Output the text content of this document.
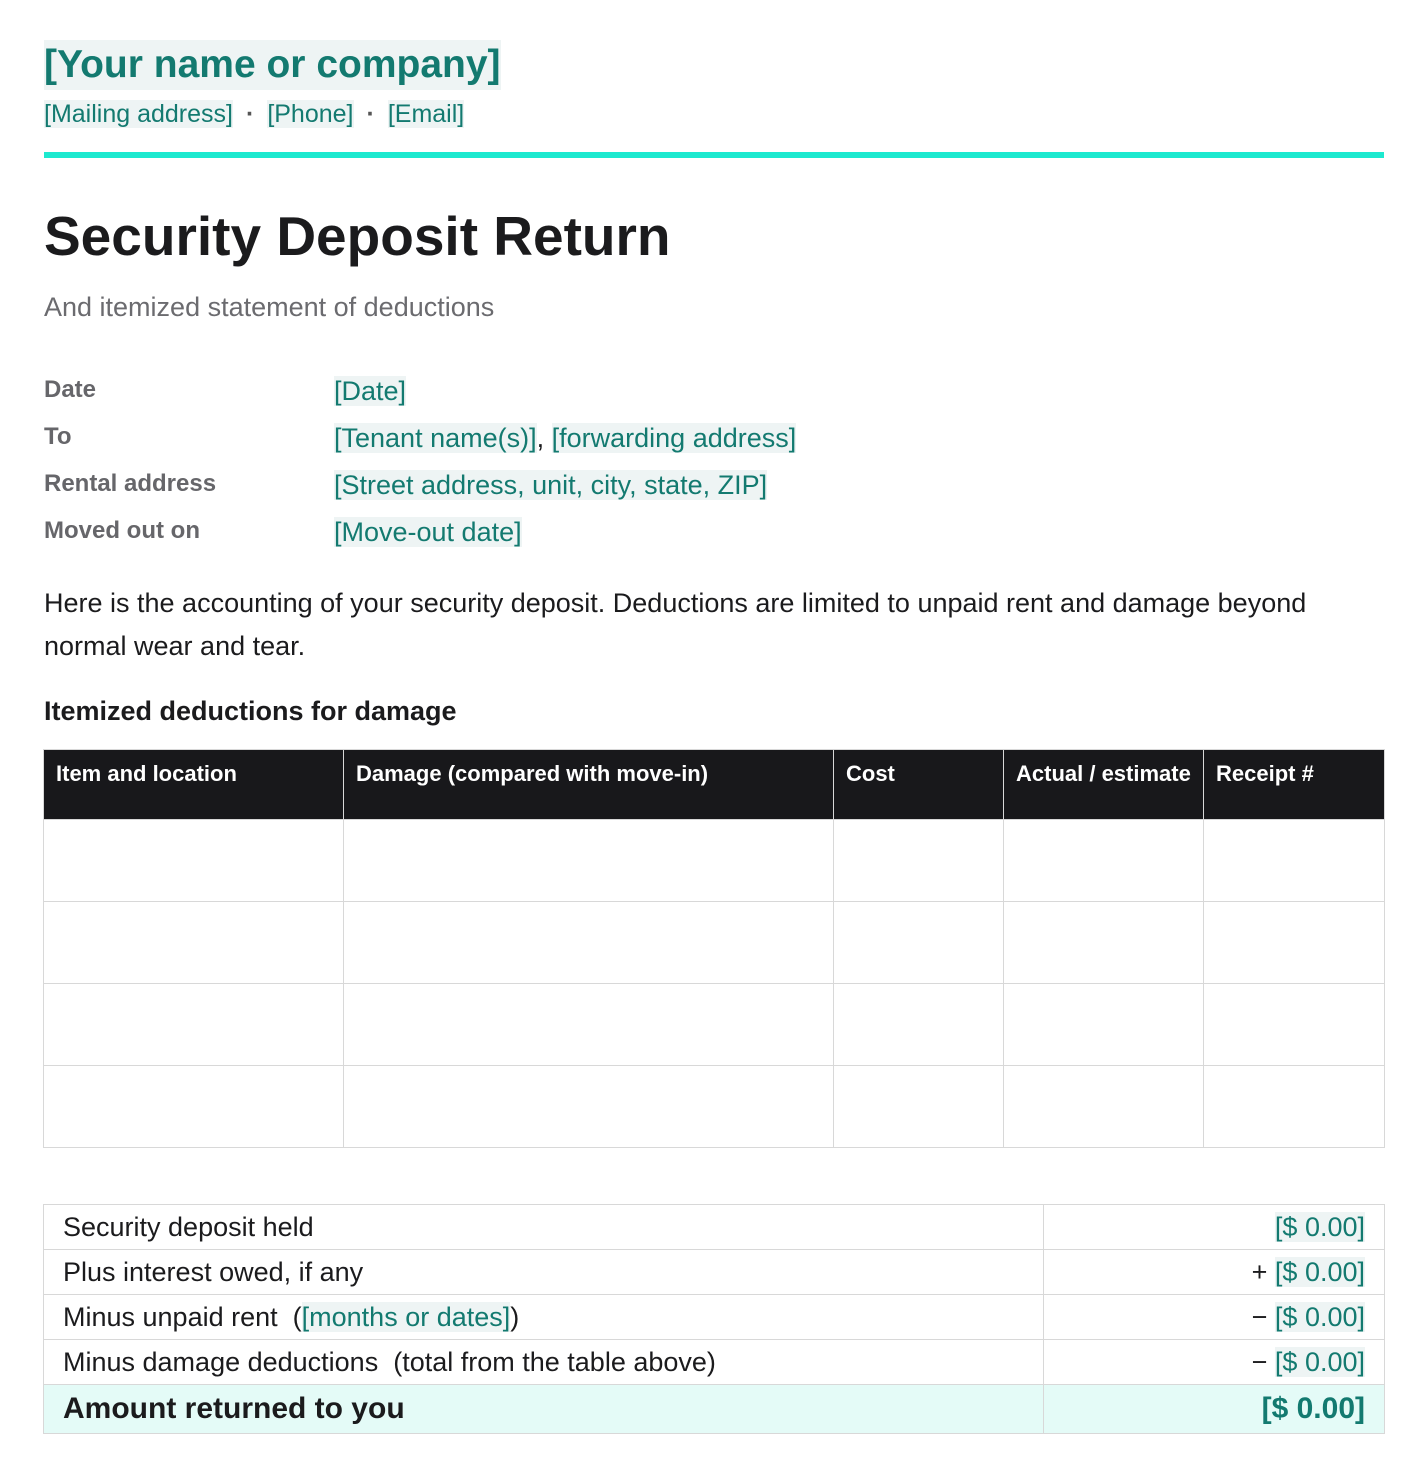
[Your name or company]
[Mailing address] · [Phone] · [Email]
Security Deposit Return
And itemized statement of deductions
Date	[Date]
To	[Tenant name(s)], [forwarding address]
Rental address	[Street address, unit, city, state, ZIP]
Moved out on	[Move-out date]
Here is the accounting of your security deposit. Deductions are limited to unpaid rent and damage beyond normal wear and tear.
Itemized deductions for damage
Item and location	Damage (compared with move-in)	Cost	Actual / estimate	Receipt #

Security deposit held	[$ 0.00]
Plus interest owed, if any	+ [$ 0.00]
Minus unpaid rent ([months or dates])	− [$ 0.00]
Minus damage deductions (total from the table above)	− [$ 0.00]
Amount returned to you	[$ 0.00]
